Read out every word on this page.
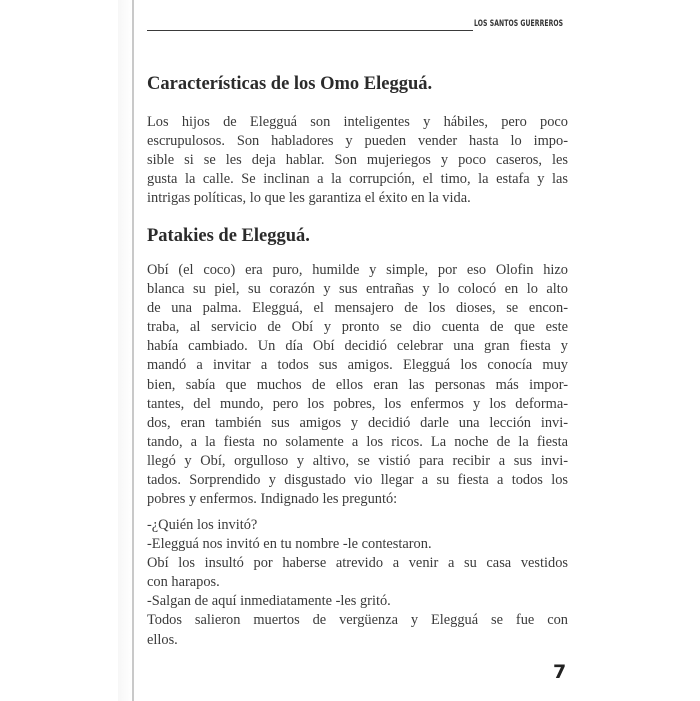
LOS SANTOS GUERREROS
Características de los Omo Elegguá.

Los hijos de Elegguá son inteligentes y hábiles, pero poco
escrupulosos. Son habladores y pueden vender hasta lo impo-
sible si se les deja hablar. Son mujeriegos y poco caseros, les
gusta la calle. Se inclinan a la corrupción, el timo, la estafa y las
intrigas políticas, lo que les garantiza el éxito en la vida.

Patakies de Elegguá.

Obí (el coco) era puro, humilde y simple, por eso Olofin hizo
blanca su piel, su corazón y sus entrañas y lo colocó en lo alto
de una palma. Elegguá, el mensajero de los dioses, se encon-
traba, al servicio de Obí y pronto se dio cuenta de que este
había cambiado. Un día Obí decidió celebrar una gran fiesta y
mandó a invitar a todos sus amigos. Elegguá los conocía muy
bien, sabía que muchos de ellos eran las personas más impor-
tantes, del mundo, pero los pobres, los enfermos y los deforma-
dos, eran también sus amigos y decidió darle una lección invi-
tando, a la fiesta no solamente a los ricos. La noche de la fiesta
llegó y Obí, orgulloso y altivo, se vistió para recibir a sus invi-
tados. Sorprendido y disgustado vio llegar a su fiesta a todos los
pobres y enfermos. Indignado les preguntó:

-¿Quién los invitó?
-Elegguá nos invitó en tu nombre -le contestaron.
Obí los insultó por haberse atrevido a venir a su casa vestidos
con harapos.
-Salgan de aquí inmediatamente -les gritó.
Todos salieron muertos de vergüenza y Elegguá se fue con
ellos.

7
